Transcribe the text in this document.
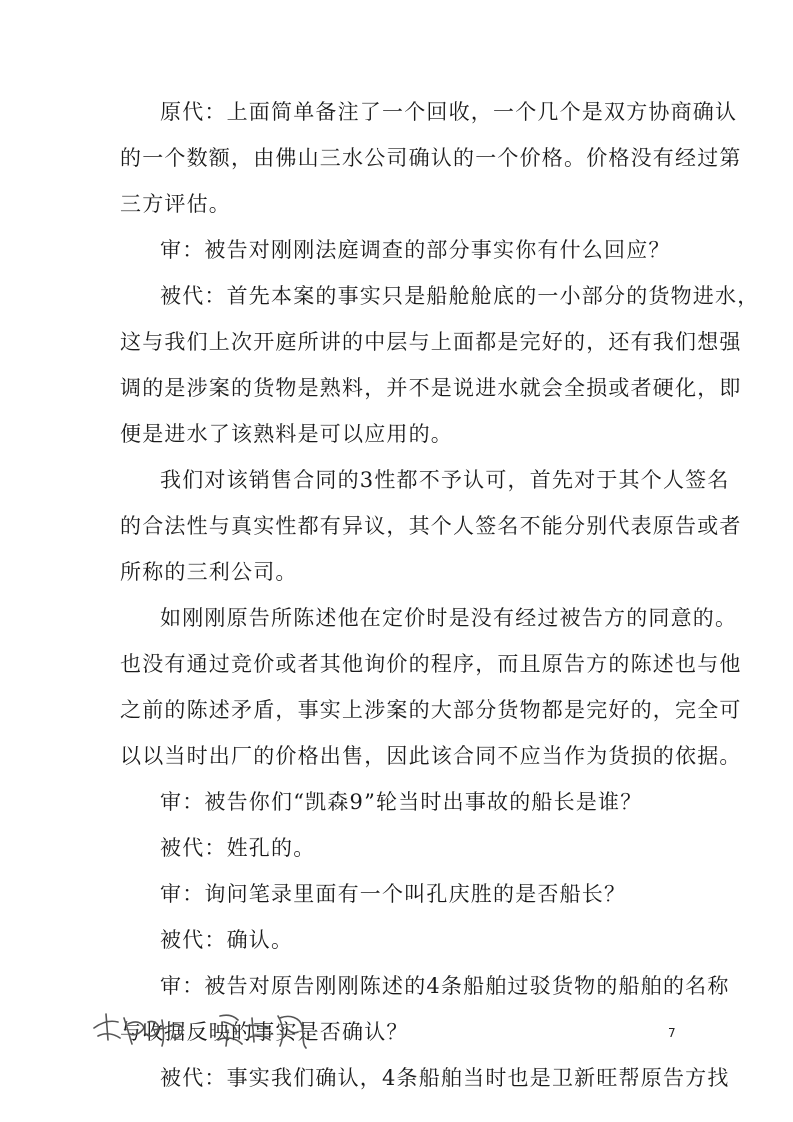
原代：上面简单备注了一个回收，一个几个是双方协商确认
的一个数额，由佛山三水公司确认的一个价格。价格没有经过第
三方评估。
审：被告对刚刚法庭调查的部分事实你有什么回应？
被代：首先本案的事实只是船舱舱底的一小部分的货物进水，
这与我们上次开庭所讲的中层与上面都是完好的，还有我们想强
调的是涉案的货物是熟料，并不是说进水就会全损或者硬化，即
便是进水了该熟料是可以应用的。
我们对该销售合同的3性都不予认可，首先对于其个人签名
的合法性与真实性都有异议，其个人签名不能分别代表原告或者
所称的三利公司。
如刚刚原告所陈述他在定价时是没有经过被告方的同意的。
也没有通过竞价或者其他询价的程序，而且原告方的陈述也与他
之前的陈述矛盾，事实上涉案的大部分货物都是完好的，完全可
以以当时出厂的价格出售，因此该合同不应当作为货损的依据。
审：被告你们“凯森9”轮当时出事故的船长是谁？
被代：姓孔的。
审：询问笔录里面有一个叫孔庆胜的是否船长？
被代：确认。
审：被告对原告刚刚陈述的4条船舶过驳货物的船舶的名称
与收据反映的事实是否确认？
被代：事实我们确认，4条船舶当时也是卫新旺帮原告方找
7
